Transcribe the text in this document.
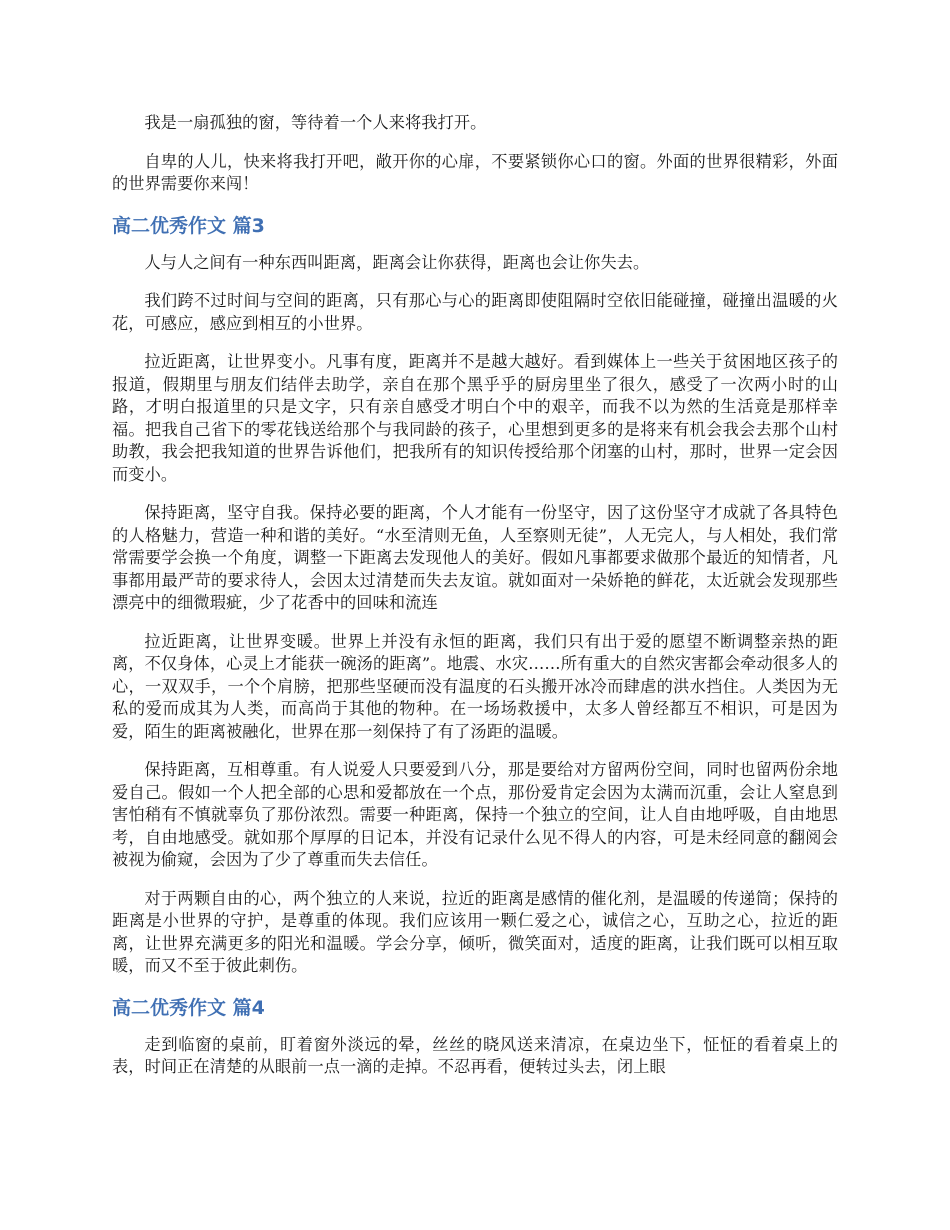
我是一扇孤独的窗，等待着一个人来将我打开。

自卑的人儿，快来将我打开吧，敞开你的心扉，不要紧锁你心口的窗。外面的世界很精彩，外面的世界需要你来闯！

高二优秀作文 篇3

人与人之间有一种东西叫距离，距离会让你获得，距离也会让你失去。

我们跨不过时间与空间的距离，只有那心与心的距离即使阻隔时空依旧能碰撞，碰撞出温暖的火花，可感应，感应到相互的小世界。

拉近距离，让世界变小。凡事有度，距离并不是越大越好。看到媒体上一些关于贫困地区孩子的报道，假期里与朋友们结伴去助学，亲自在那个黑乎乎的厨房里坐了很久，感受了一次两小时的山路，才明白报道里的只是文字，只有亲自感受才明白个中的艰辛，而我不以为然的生活竟是那样幸福。把我自己省下的零花钱送给那个与我同龄的孩子，心里想到更多的是将来有机会我会去那个山村助教，我会把我知道的世界告诉他们，把我所有的知识传授给那个闭塞的山村，那时，世界一定会因而变小。

保持距离，坚守自我。保持必要的距离，个人才能有一份坚守，因了这份坚守才成就了各具特色的人格魅力，营造一种和谐的美好。“水至清则无鱼，人至察则无徒”，人无完人，与人相处，我们常常需要学会换一个角度，调整一下距离去发现他人的美好。假如凡事都要求做那个最近的知情者，凡事都用最严苛的要求待人，会因太过清楚而失去友谊。就如面对一朵娇艳的鲜花，太近就会发现那些漂亮中的细微瑕疵，少了花香中的回味和流连

拉近距离，让世界变暖。世界上并没有永恒的距离，我们只有出于爱的愿望不断调整亲热的距离，不仅身体，心灵上才能获一碗汤的距离”。地震、水灾……所有重大的自然灾害都会牵动很多人的心，一双双手，一个个肩膀，把那些坚硬而没有温度的石头搬开冰冷而肆虐的洪水挡住。人类因为无私的爱而成其为人类，而高尚于其他的物种。在一场场救援中，太多人曾经都互不相识，可是因为爱，陌生的距离被融化，世界在那一刻保持了有了汤距的温暖。

保持距离，互相尊重。有人说爱人只要爱到八分，那是要给对方留两份空间，同时也留两份余地爱自己。假如一个人把全部的心思和爱都放在一个点，那份爱肯定会因为太满而沉重，会让人窒息到害怕稍有不慎就辜负了那份浓烈。需要一种距离，保持一个独立的空间，让人自由地呼吸，自由地思考，自由地感受。就如那个厚厚的日记本，并没有记录什么见不得人的内容，可是未经同意的翻阅会被视为偷窥，会因为了少了尊重而失去信任。

对于两颗自由的心，两个独立的人来说，拉近的距离是感情的催化剂，是温暖的传递筒；保持的距离是小世界的守护，是尊重的体现。我们应该用一颗仁爱之心，诚信之心，互助之心，拉近的距离，让世界充满更多的阳光和温暖。学会分享，倾听，微笑面对，适度的距离，让我们既可以相互取暖，而又不至于彼此刺伤。

高二优秀作文 篇4

走到临窗的桌前，盯着窗外淡远的晕，丝丝的晓风送来清凉，在桌边坐下，怔怔的看着桌上的表，时间正在清楚的从眼前一点一滴的走掉。不忍再看，便转过头去，闭上眼
